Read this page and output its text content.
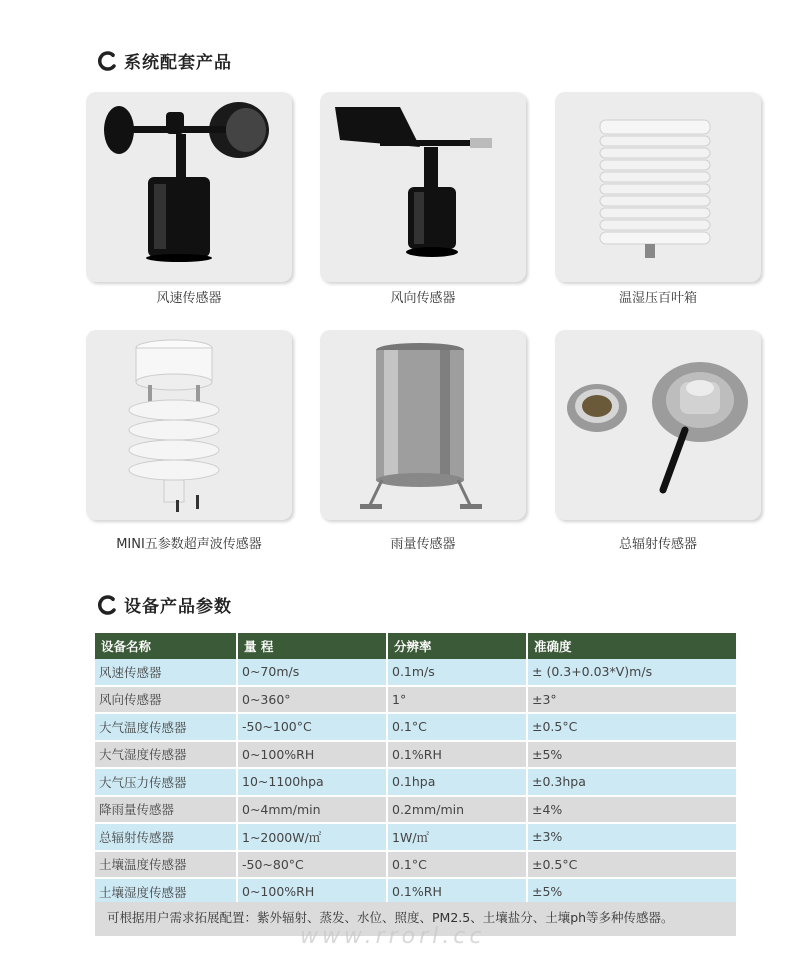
系统配套产品
风速传感器	风向传感器	温湿压百叶箱
MINI五参数超声波传感器	雨量传感器	总辐射传感器
设备产品参数
设备名称	量 程	分辨率	准确度
风速传感器	0~70m/s	0.1m/s	± (0.3+0.03*V)m/s
风向传感器	0~360°	1°	±3°
大气温度传感器	-50~100°C	0.1°C	±0.5°C
大气湿度传感器	0~100%RH	0.1%RH	±5%
大气压力传感器	10~1100hpa	0.1hpa	±0.3hpa
降雨量传感器	0~4mm/min	0.2mm/min	±4%
总辐射传感器	1~2000W/㎡	1W/㎡	±3%
土壤温度传感器	-50~80°C	0.1°C	±0.5°C
土壤湿度传感器	0~100%RH	0.1%RH	±5%
可根据用户需求拓展配置：紫外辐射、蒸发、水位、照度、PM2.5、土壤盐分、土壤ph等多种传感器。
www.rrorl.cc
